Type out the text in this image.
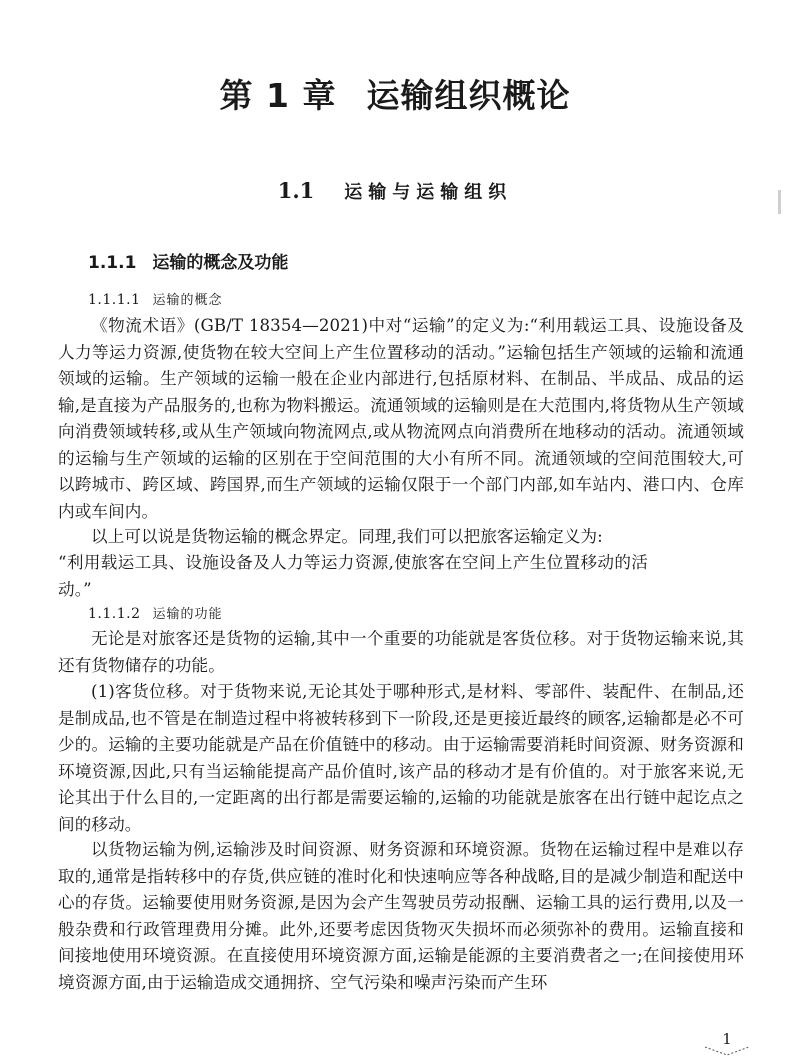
第 1 章 运输组织概论
1.1 运输与运输组织
1.1.1 运输的概念及功能
1.1.1.1 运输的概念

《物流术语》(GB/T 18354—2021)中对“运输”的定义为:“利用载运工具、设施设备及人力等运力资源,使货物在较大空间上产生位置移动的活动。”运输包括生产领域的运输和流通领域的运输。生产领域的运输一般在企业内部进行,包括原材料、在制品、半成品、成品的运输,是直接为产品服务的,也称为物料搬运。流通领域的运输则是在大范围内,将货物从生产领域向消费领域转移,或从生产领域向物流网点,或从物流网点向消费所在地移动的活动。流通领域的运输与生产领域的运输的区别在于空间范围的大小有所不同。流通领域的空间范围较大,可以跨城市、跨区域、跨国界,而生产领域的运输仅限于一个部门内部,如车站内、港口内、仓库内或车间内。

以上可以说是货物运输的概念界定。同理,我们可以把旅客运输定义为:

“利用载运工具、设施设备及人力等运力资源,使旅客在空间上产生位置移动的活动。”

1.1.1.2 运输的功能

无论是对旅客还是货物的运输,其中一个重要的功能就是客货位移。对于货物运输来说,其还有货物储存的功能。

(1)客货位移。对于货物来说,无论其处于哪种形式,是材料、零部件、装配件、在制品,还是制成品,也不管是在制造过程中将被转移到下一阶段,还是更接近最终的顾客,运输都是必不可少的。运输的主要功能就是产品在价值链中的移动。由于运输需要消耗时间资源、财务资源和环境资源,因此,只有当运输能提高产品价值时,该产品的移动才是有价值的。对于旅客来说,无论其出于什么目的,一定距离的出行都是需要运输的,运输的功能就是旅客在出行链中起讫点之间的移动。

以货物运输为例,运输涉及时间资源、财务资源和环境资源。货物在运输过程中是难以存取的,通常是指转移中的存货,供应链的准时化和快速响应等各种战略,目的是减少制造和配送中心的存货。运输要使用财务资源,是因为会产生驾驶员劳动报酬、运输工具的运行费用,以及一般杂费和行政管理费用分摊。此外,还要考虑因货物灭失损坏而必须弥补的费用。运输直接和间接地使用环境资源。在直接使用环境资源方面,运输是能源的主要消费者之一;在间接使用环境资源方面,由于运输造成交通拥挤、空气污染和噪声污染而产生环

1
